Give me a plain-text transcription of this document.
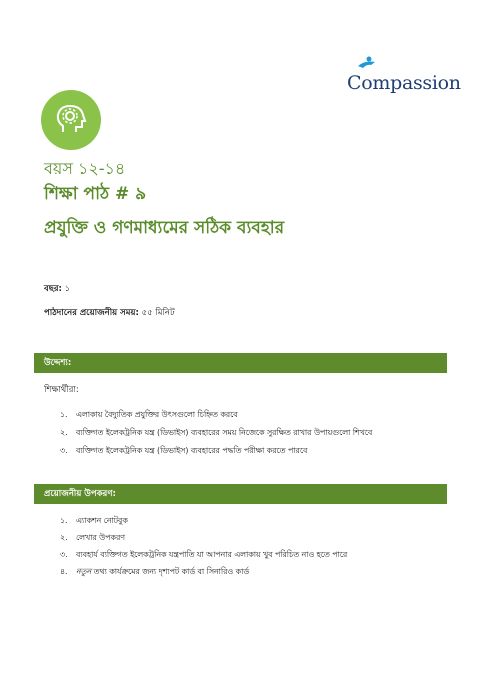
Compassion
বয়স ১২-১৪
শিক্ষা পাঠ # ৯
প্রযুক্তি ও গণমাধ্যমের সঠিক ব্যবহার
বছর: ১
পাঠদানের প্রয়োজনীয় সময়: ৫৫ মিনিট
উদ্দেশ্য:
শিক্ষার্থীরা:
১. এলাকায় বৈদ্যুতিক প্রযুক্তির উৎসগুলো চিহ্নিত করবে
২. ব্যক্তিগত ইলেকট্রনিক যন্ত্র (ডিভাইস) ব্যবহারের সময় নিজেকে সুরক্ষিত রাখার উপায়গুলো শিখবে
৩. ব্যক্তিগত ইলেকট্রনিক যন্ত্র (ডিভাইস) ব্যবহারের পদ্ধতি পরীক্ষা করতে পারবে
প্রয়োজনীয় উপকরণ:
১. এ্যাকশন নোটবুক
২. লেখার উপকরণ
৩. ব্যবহার্য ব্যক্তিগত ইলেকট্রনিক যন্ত্রপাতি যা আপনার এলাকায় খুব পরিচিত নাও হতে পারে
৪. নতুন তথ্য কার্যক্রমের জন্য দৃশ্যপট কার্ড বা সিনারিও কার্ড
